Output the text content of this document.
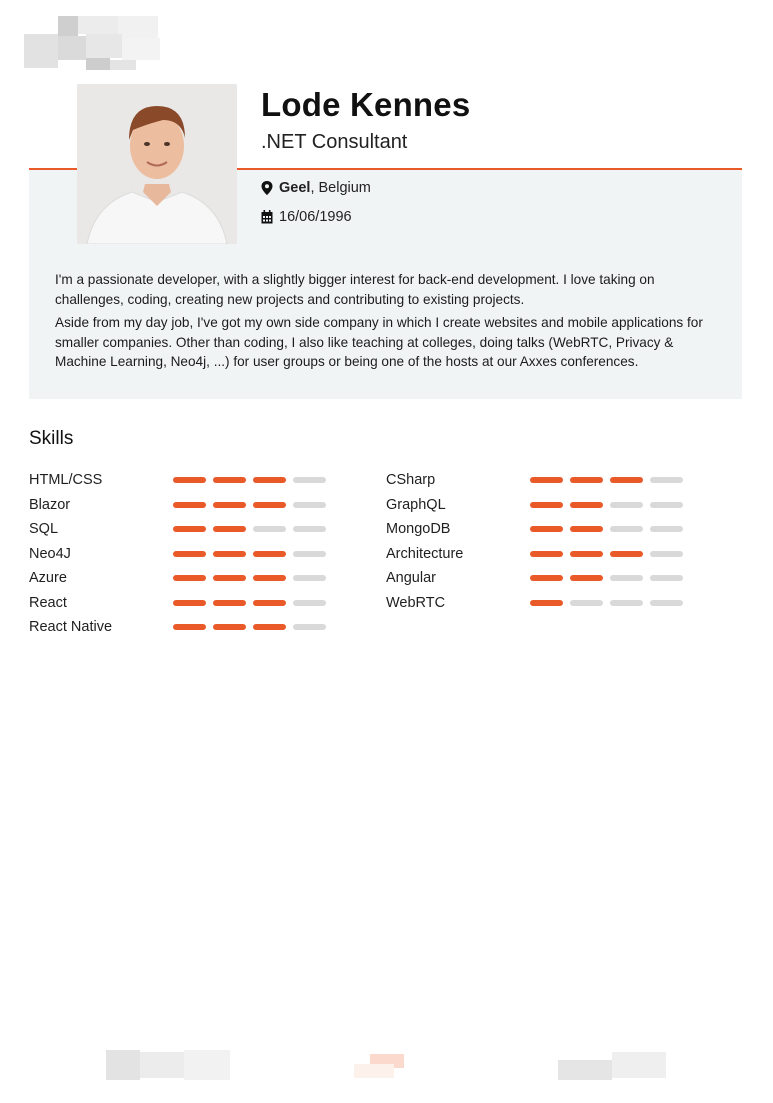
Lode Kennes
.NET Consultant
Geel , Belgium
16/06/1996

I'm a passionate developer, with a slightly bigger interest for back-end development. I love taking on challenges, coding, creating new projects and contributing to existing projects.

Aside from my day job, I've got my own side company in which I create websites and mobile applications for smaller companies. Other than coding, I also like teaching at colleges, doing talks (WebRTC, Privacy & Machine Learning, Neo4j, ...) for user groups or being one of the hosts at our Axxes conferences.

Skills
HTML/CSS
Blazor
SQL
Neo4J
Azure
React
React Native
CSharp
GraphQL
MongoDB
Architecture
Angular
WebRTC
